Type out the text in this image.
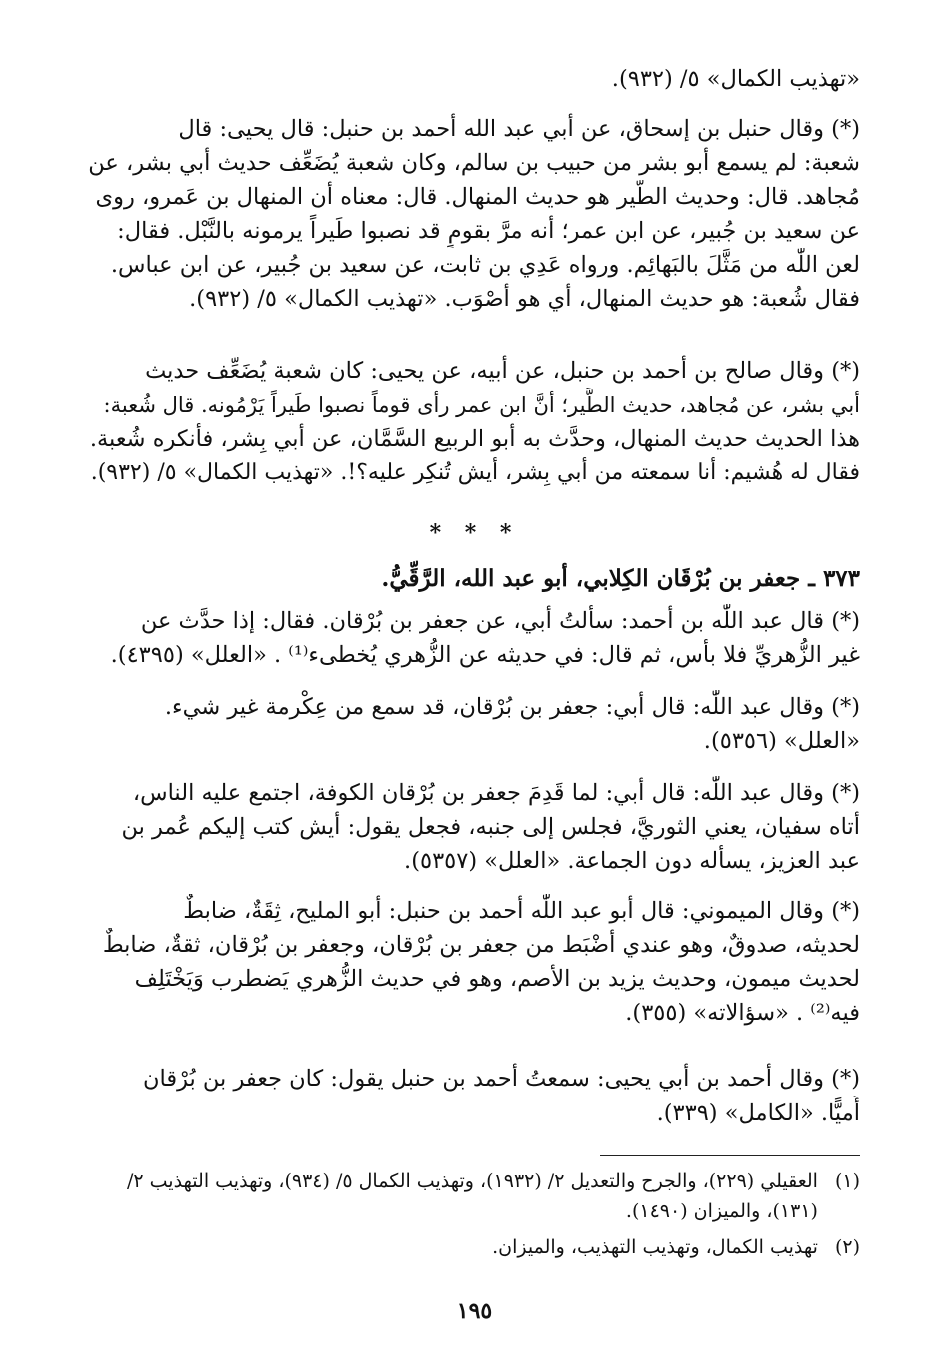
«تهذيب الكمال» ٥/ (٩٣٢).
(*) وقال حنبل بن إسحاق، عن أبي عبد الله أحمد بن حنبل: قال يحيى: قال
شعبة: لم يسمع أبو بشر من حبيب بن سالم، وكان شعبة يُضَعِّف حديث أبي بشر، عن
مُجاهد. قال: وحديث الطَّير هو حديث المنهال. قال: معناه أن المنهال بن عَمرو، روى
عن سعيد بن جُبير، عن ابن عمر؛ أنه مرَّ بقومٍ قد نصبوا طَيراً يرمونه بالنَّبْل. فقال:
لعن اللّٰه من مَثَّلَ بالبَهائِم. ورواه عَدِي بن ثابت، عن سعيد بن جُبير، عن ابن عباس.
فقال شُعبة: هو حديث المنهال، أي هو أصْوَب. «تهذيب الكمال» ٥/ (٩٣٢).
(*) وقال صالح بن أحمد بن حنبل، عن أبيه، عن يحيى: كان شعبة يُضَعِّف حديث
أبي بشر، عن مُجاهد، حديث الطَّير؛ أنَّ ابن عمر رأى قوماً نصبوا طَيراً يَرْمُونه. قال شُعبة:
هذا الحديث حديث المنهال، وحدَّث به أبو الربيع السَّمَّان، عن أبي بِشر، فأنكره شُعبة.
فقال له هُشيم: أنا سمعته من أبي بِشر، أيش تُنكِر عليه؟!. «تهذيب الكمال» ٥/ (٩٣٢).
* * *
٣٧٣ ـ جعفر بن بُرْقَان الكِلابي، أبو عبد الله، الرَّقِّيُّ.
(*) قال عبد اللّٰه بن أحمد: سألتُ أبي، عن جعفر بن بُرْقان. فقال: إذا حدَّث عن
غير الزُّهريِّ فلا بأس، ثم قال: في حديثه عن الزُّهري يُخطىء⁽¹⁾ . «العلل» (٤٣٩٥).
(*) وقال عبد اللّٰه: قال أبي: جعفر بن بُرْقان، قد سمع من عِكْرمة غير شيء.
«العلل» (٥٣٥٦).
(*) وقال عبد اللّٰه: قال أبي: لما قَدِمَ جعفر بن بُرْقان الكوفة، اجتمع عليه الناس،
أتاه سفيان، يعني الثوريَّ، فجلس إلى جنبه، فجعل يقول: أيش كتب إليكم عُمر بن
عبد العزيز، يسأله دون الجماعة. «العلل» (٥٣٥٧).
(*) وقال الميموني: قال أبو عبد اللّٰه أحمد بن حنبل: أبو المليح، ثِقَةٌ، ضابطٌ
لحديثه، صدوقٌ، وهو عندي أضْبَط من جعفر بن بُرْقان، وجعفر بن بُرْقان، ثقةٌ، ضابطٌ
لحديث ميمون، وحديث يزيد بن الأصم، وهو في حديث الزُّهري يَضطرب وَيَخْتَلِف
فيه⁽²⁾ . «سؤالاته» (٣٥٥).
(*) وقال أحمد بن أبي يحيى: سمعتُ أحمد بن حنبل يقول: كان جعفر بن بُرْقان
أُميًّا. «الكامل» (٣٣٩).
(١) العقيلي (٢٢٩)، والجرح والتعديل ٢/ (١٩٣٢)، وتهذيب الكمال ٥/ (٩٣٤)، وتهذيب التهذيب ٢/
(١٣١)، والميزان (١٤٩٠).
(٢) تهذيب الكمال، وتهذيب التهذيب، والميزان.
١٩٥
